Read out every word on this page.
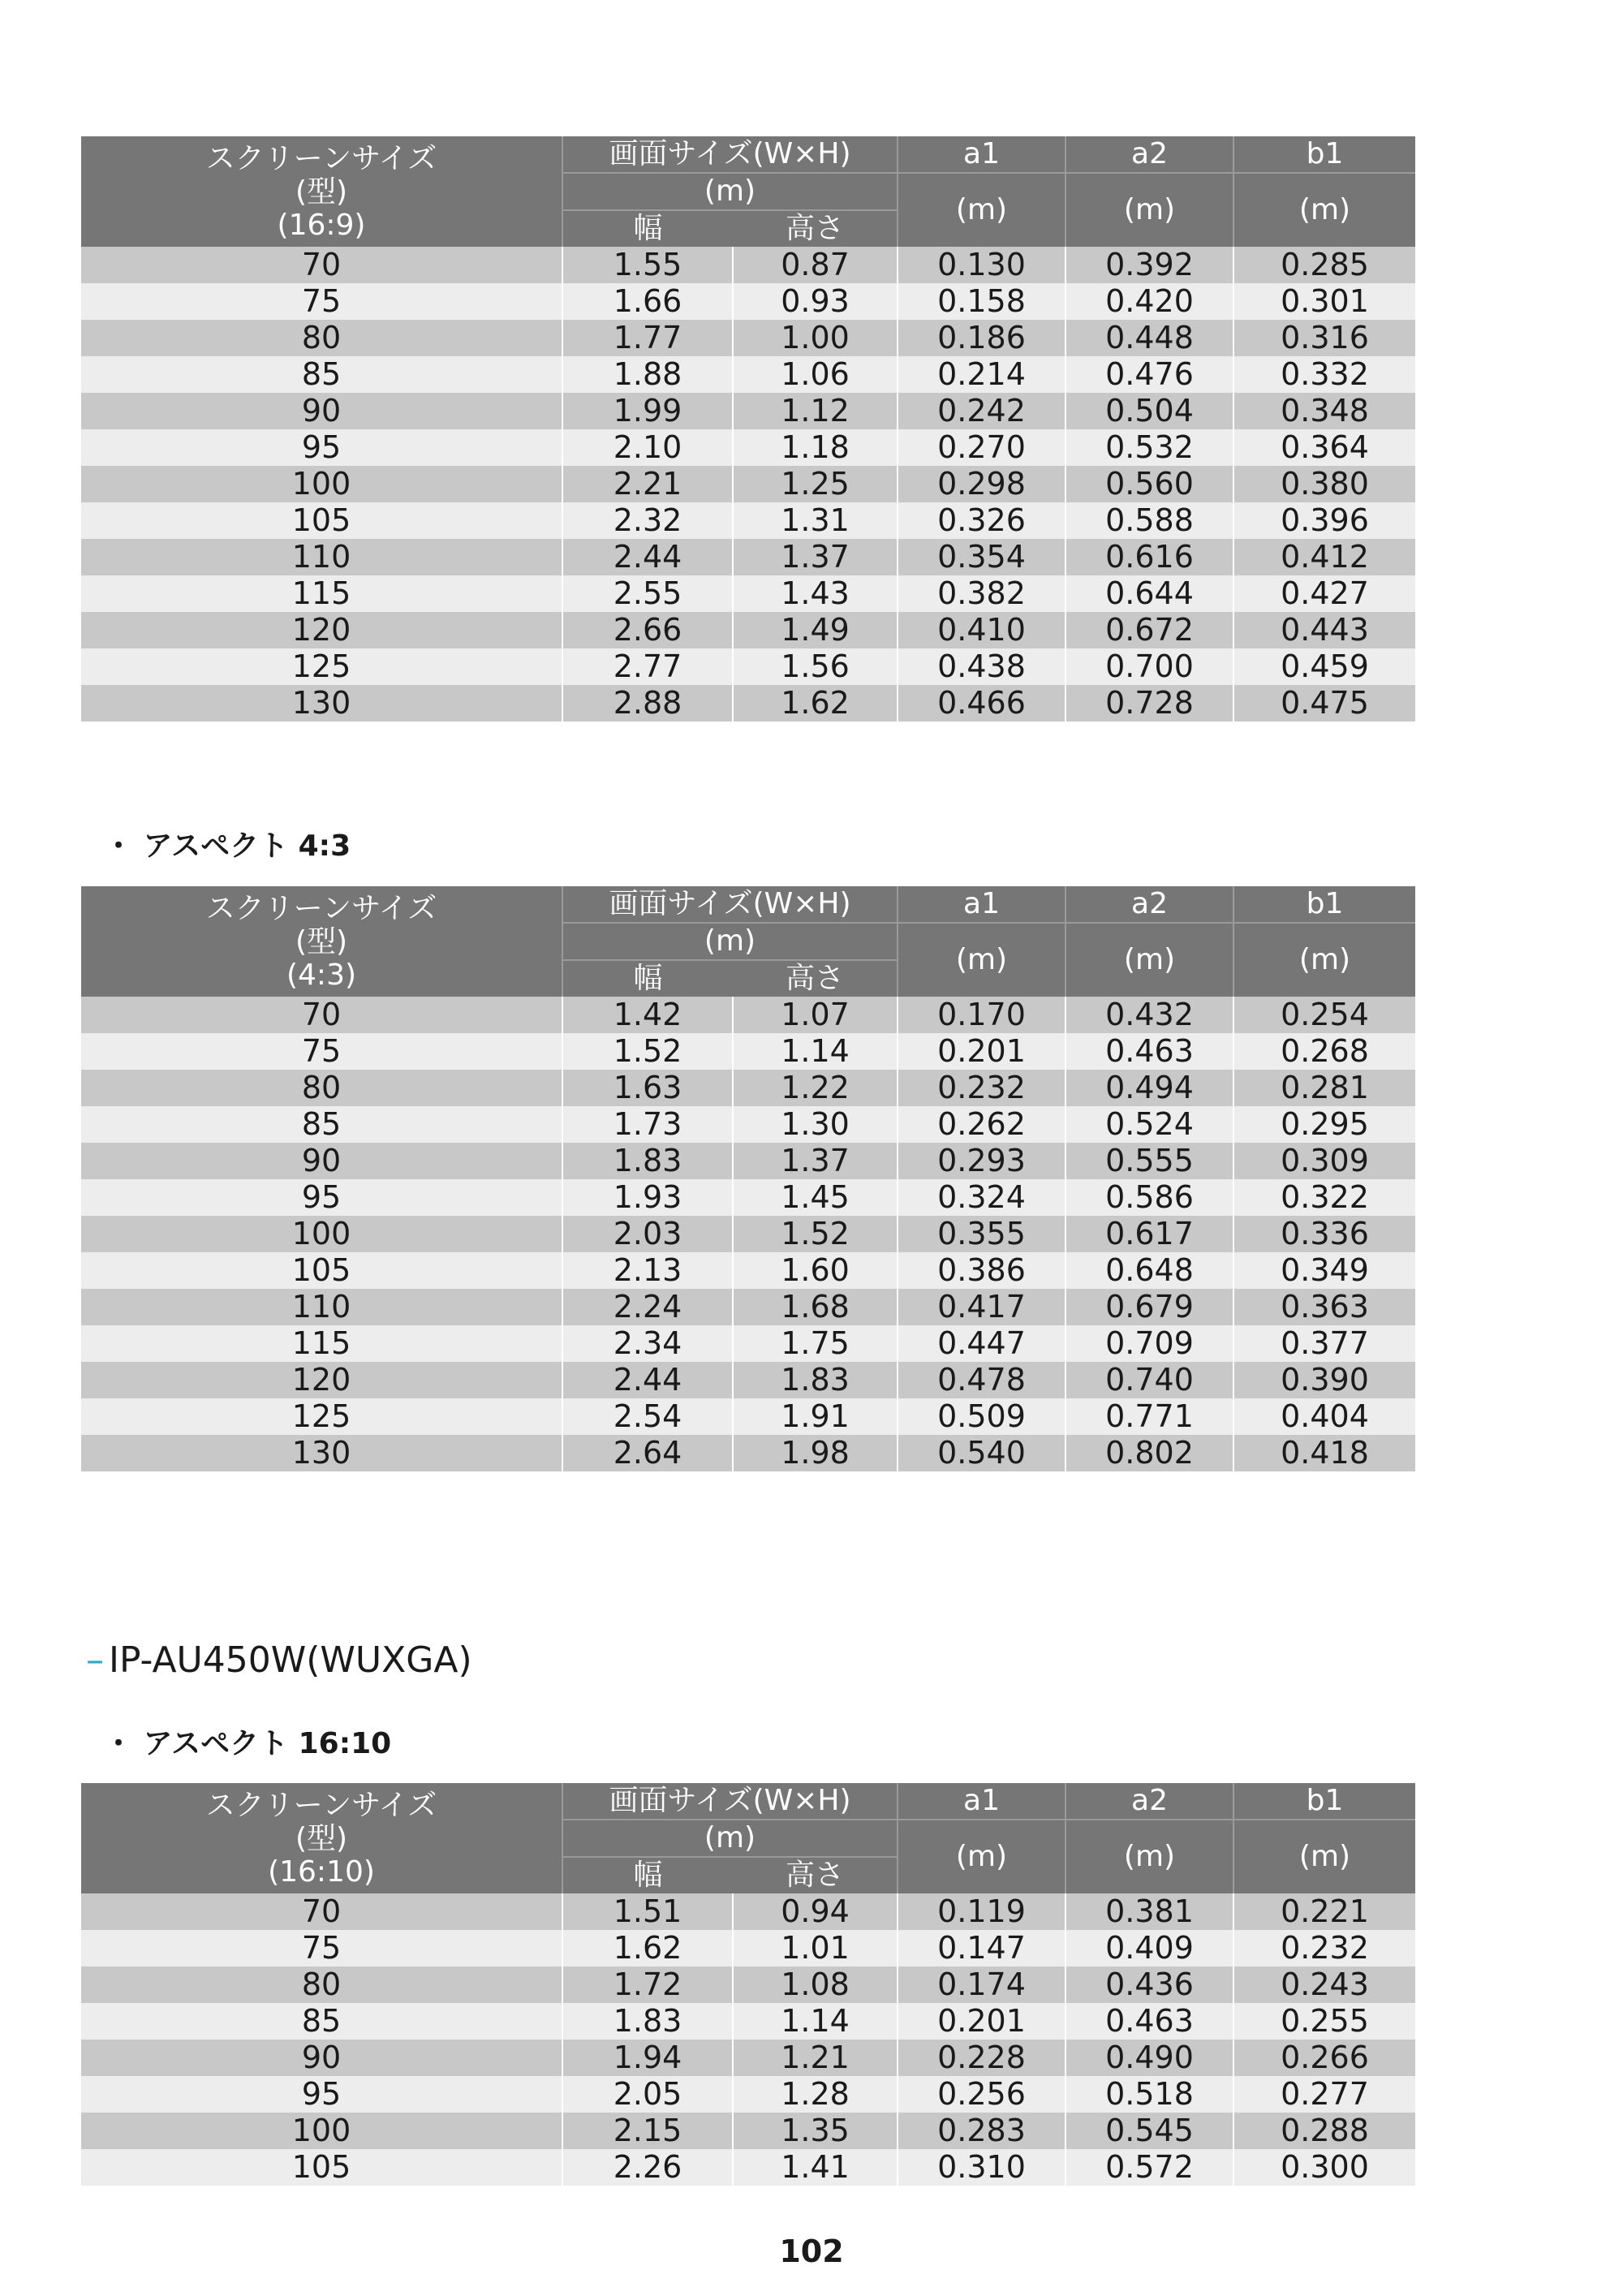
スクリーンサイズ
(型)
(16:9)	画面サイズ(W×H)		a1	a2	b1
	(m)		(m)	(m)	(m)
	幅	高さ			
70	1.55	0.87	0.130	0.392	0.285
75	1.66	0.93	0.158	0.420	0.301
80	1.77	1.00	0.186	0.448	0.316
85	1.88	1.06	0.214	0.476	0.332
90	1.99	1.12	0.242	0.504	0.348
95	2.10	1.18	0.270	0.532	0.364
100	2.21	1.25	0.298	0.560	0.380
105	2.32	1.31	0.326	0.588	0.396
110	2.44	1.37	0.354	0.616	0.412
115	2.55	1.43	0.382	0.644	0.427
120	2.66	1.49	0.410	0.672	0.443
125	2.77	1.56	0.438	0.700	0.459
130	2.88	1.62	0.466	0.728	0.475
・ アスペクト 4:3
スクリーンサイズ
(型)
(4:3)	画面サイズ(W×H)		a1	a2	b1
	(m)		(m)	(m)	(m)
	幅	高さ			
70	1.42	1.07	0.170	0.432	0.254
75	1.52	1.14	0.201	0.463	0.268
80	1.63	1.22	0.232	0.494	0.281
85	1.73	1.30	0.262	0.524	0.295
90	1.83	1.37	0.293	0.555	0.309
95	1.93	1.45	0.324	0.586	0.322
100	2.03	1.52	0.355	0.617	0.336
105	2.13	1.60	0.386	0.648	0.349
110	2.24	1.68	0.417	0.679	0.363
115	2.34	1.75	0.447	0.709	0.377
120	2.44	1.83	0.478	0.740	0.390
125	2.54	1.91	0.509	0.771	0.404
130	2.64	1.98	0.540	0.802	0.418
– IP-AU450W(WUXGA)
・ アスペクト 16:10
スクリーンサイズ
(型)
(16:10)	画面サイズ(W×H)		a1	a2	b1
	(m)		(m)	(m)	(m)
	幅	高さ			
70	1.51	0.94	0.119	0.381	0.221
75	1.62	1.01	0.147	0.409	0.232
80	1.72	1.08	0.174	0.436	0.243
85	1.83	1.14	0.201	0.463	0.255
90	1.94	1.21	0.228	0.490	0.266
95	2.05	1.28	0.256	0.518	0.277
100	2.15	1.35	0.283	0.545	0.288
105	2.26	1.41	0.310	0.572	0.300
102
